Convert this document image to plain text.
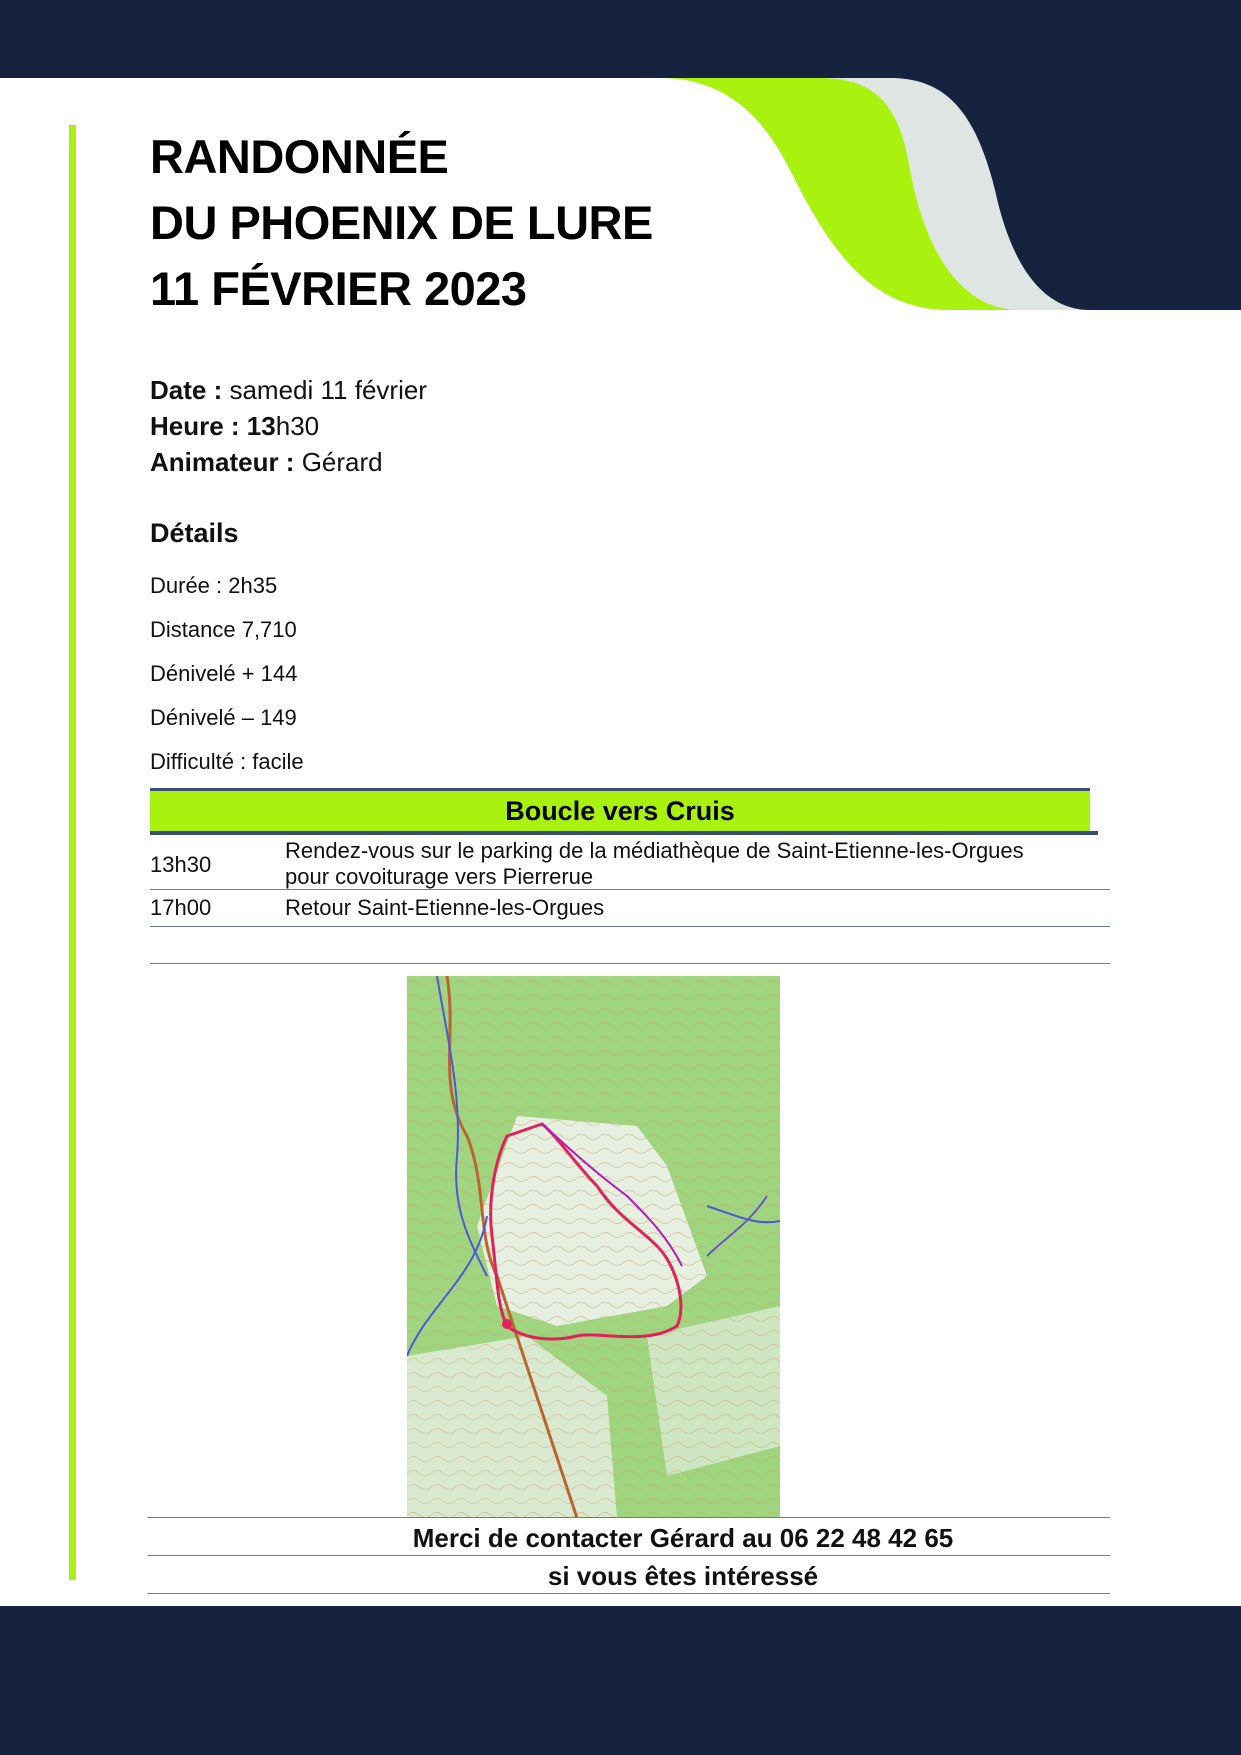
RANDONNÉE
DU PHOENIX DE LURE
11 FÉVRIER 2023
Date : samedi 11 février
Heure : 13h30
Animateur : Gérard
Détails
Durée : 2h35
Distance 7,710
Dénivelé + 144
Dénivelé – 149
Difficulté : facile
Boucle vers Cruis
13h30
Rendez-vous sur le parking de la médiathèque de Saint-Etienne-les-Orgues
pour covoiturage vers Pierrerue
17h00	Retour Saint-Etienne-les-Orgues
Merci de contacter Gérard au 06 22 48 42 65
si vous êtes intéressé
